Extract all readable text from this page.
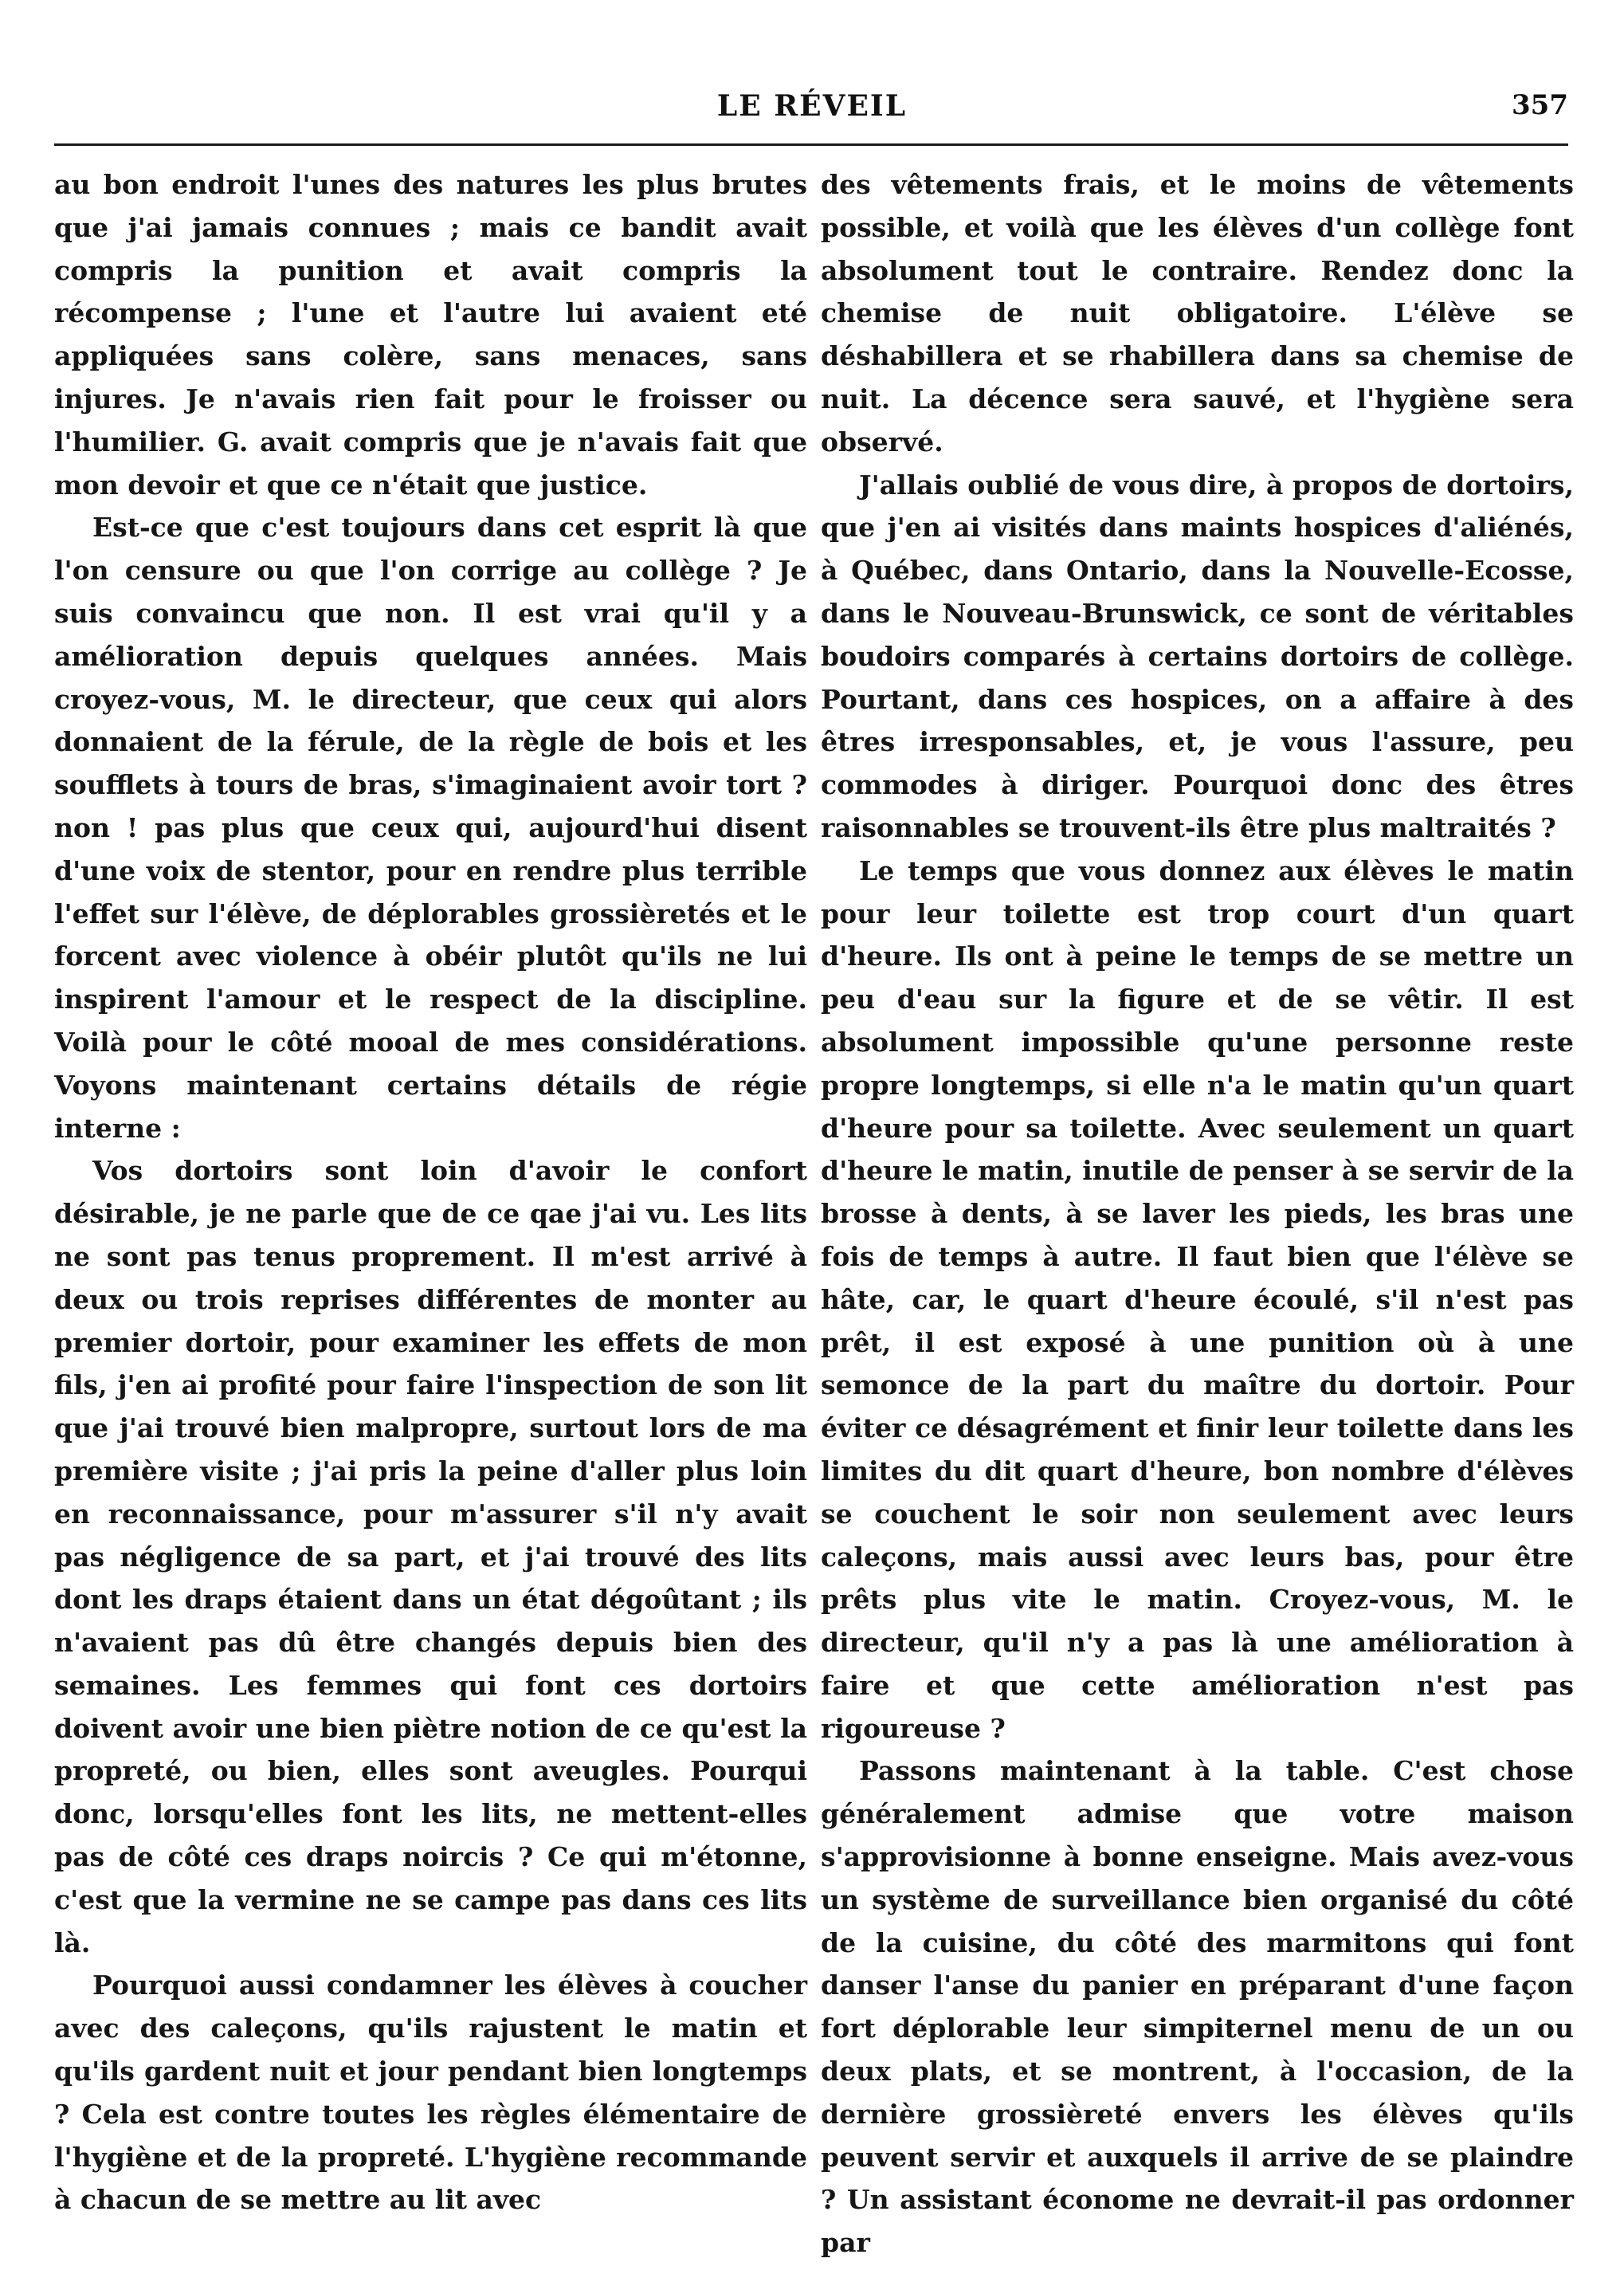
LE RÉVEIL	357

au bon endroit l'unes des natures les plus brutes que j'ai jamais connues ; mais ce bandit avait compris la punition et avait compris la récompense ; l'une et l'autre lui avaient eté appliquées sans colère, sans menaces, sans injures. Je n'avais rien fait pour le froisser ou l'humilier. G. avait compris que je n'avais fait que mon devoir et que ce n'était que justice.

Est-ce que c'est toujours dans cet esprit là que l'on censure ou que l'on corrige au collège ? Je suis convaincu que non. Il est vrai qu'il y a amélioration depuis quelques années. Mais croyez-vous, M. le directeur, que ceux qui alors donnaient de la férule, de la règle de bois et les soufflets à tours de bras, s'imaginaient avoir tort ? non ! pas plus que ceux qui, aujourd'hui disent d'une voix de stentor, pour en rendre plus terrible l'effet sur l'élève, de déplorables grossièretés et le forcent avec violence à obéir plutôt qu'ils ne lui inspirent l'amour et le respect de la discipline. Voilà pour le côté mooal de mes considérations. Voyons maintenant certains détails de régie interne :

Vos dortoirs sont loin d'avoir le confort désirable, je ne parle que de ce qae j'ai vu. Les lits ne sont pas tenus proprement. Il m'est arrivé à deux ou trois reprises différentes de monter au premier dortoir, pour examiner les effets de mon fils, j'en ai profité pour faire l'inspection de son lit que j'ai trouvé bien malpropre, surtout lors de ma première visite ; j'ai pris la peine d'aller plus loin en reconnaissance, pour m'assurer s'il n'y avait pas négligence de sa part, et j'ai trouvé des lits dont les draps étaient dans un état dégoûtant ; ils n'avaient pas dû être changés depuis bien des semaines. Les femmes qui font ces dortoirs doivent avoir une bien piètre notion de ce qu'est la propreté, ou bien, elles sont aveugles. Pourqui donc, lorsqu'elles font les lits, ne mettent-elles pas de côté ces draps noircis ? Ce qui m'étonne, c'est que la vermine ne se campe pas dans ces lits là.

Pourquoi aussi condamner les élèves à coucher avec des caleçons, qu'ils rajustent le matin et qu'ils gardent nuit et jour pendant bien longtemps ? Cela est contre toutes les règles élémentaire de l'hygiène et de la propreté. L'hygiène recommande à chacun de se mettre au lit avec

des vêtements frais, et le moins de vêtements possible, et voilà que les élèves d'un collège font absolument tout le contraire. Rendez donc la chemise de nuit obligatoire. L'élève se déshabillera et se rhabillera dans sa chemise de nuit. La décence sera sauvé, et l'hygiène sera observé.

J'allais oublié de vous dire, à propos de dortoirs, que j'en ai visités dans maints hospices d'aliénés, à Québec, dans Ontario, dans la Nouvelle-Ecosse, dans le Nouveau-Brunswick, ce sont de véritables boudoirs comparés à certains dortoirs de collège. Pourtant, dans ces hospices, on a affaire à des êtres irresponsables, et, je vous l'assure, peu commodes à diriger. Pourquoi donc des êtres raisonnables se trouvent-ils être plus maltraités ?

Le temps que vous donnez aux élèves le matin pour leur toilette est trop court d'un quart d'heure. Ils ont à peine le temps de se mettre un peu d'eau sur la figure et de se vêtir. Il est absolument impossible qu'une personne reste propre longtemps, si elle n'a le matin qu'un quart d'heure pour sa toilette. Avec seulement un quart d'heure le matin, inutile de penser à se servir de la brosse à dents, à se laver les pieds, les bras une fois de temps à autre. Il faut bien que l'élève se hâte, car, le quart d'heure écoulé, s'il n'est pas prêt, il est exposé à une punition où à une semonce de la part du maître du dortoir. Pour éviter ce désagrément et finir leur toilette dans les limites du dit quart d'heure, bon nombre d'élèves se couchent le soir non seulement avec leurs caleçons, mais aussi avec leurs bas, pour être prêts plus vite le matin. Croyez-vous, M. le directeur, qu'il n'y a pas là une amélioration à faire et que cette amélioration n'est pas rigoureuse ?

Passons maintenant à la table. C'est chose généralement admise que votre maison s'approvisionne à bonne enseigne. Mais avez-vous un système de surveillance bien organisé du côté de la cuisine, du côté des marmitons qui font danser l'anse du panier en préparant d'une façon fort déplorable leur simpiternel menu de un ou deux plats, et se montrent, à l'occasion, de la dernière grossièreté envers les élèves qu'ils peuvent servir et auxquels il arrive de se plaindre ? Un assistant économe ne devrait-il pas ordonner par
